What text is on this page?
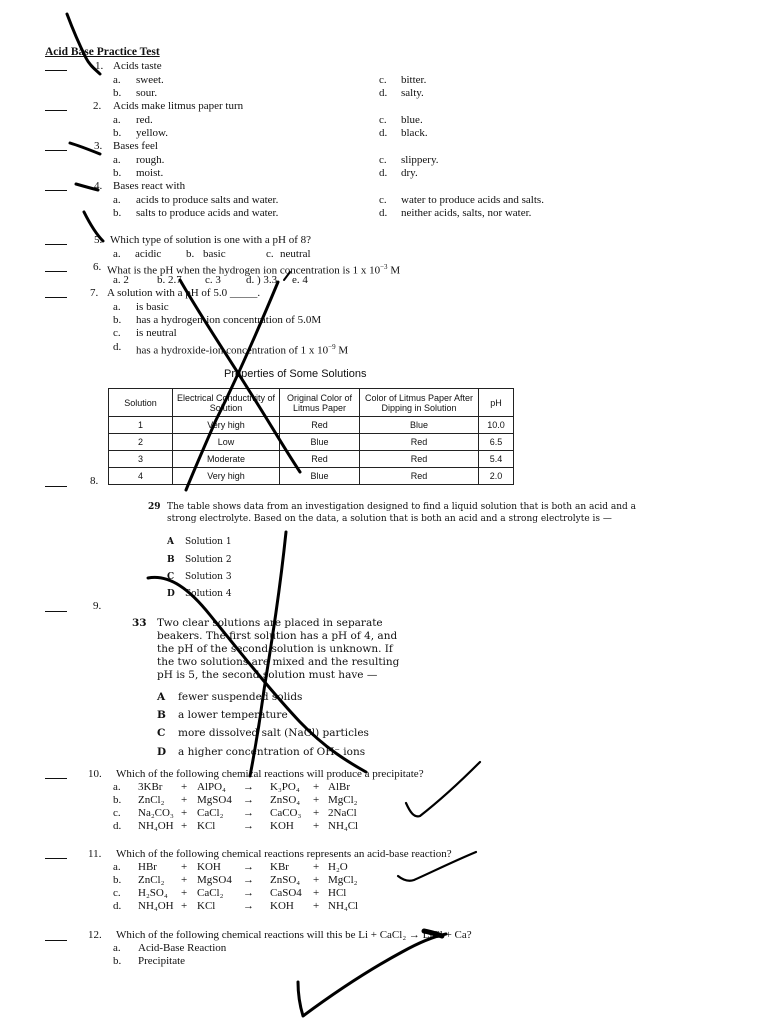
Acid Base Practice Test
1. Acids taste
a. sweet.
b. sour.
c. bitter.
d. salty.
2. Acids make litmus paper turn
a. red.
b. yellow.
c. blue.
d. black.
3. Bases feel
a. rough.
b. moist.
c. slippery.
d. dry.
4. Bases react with
a. acids to produce salts and water.
b. salts to produce acids and water.
c. water to produce acids and salts.
d. neither acids, salts, nor water.
5. Which type of solution is one with a pH of 8?
a. acidic b. basic	c. neutral
6. What is the pH when the hydrogen ion concentration is 1 x $10^{-3}$ M
a. 2	b. 2.7 c. 3 d. ) 3.3 e. 4
7. A solution with a pH of 5.0 _____.
a. is basic
b. has a hydrogen-ion concentration of 5.0M
c. is neutral
d. has a hydroxide-ion concentration of 1 x $10^{-9}$ M
Properties of Some Solutions
Solution	Electrical Conductivity of Solution	Original Color of Litmus Paper	Color of Litmus Paper After Dipping in Solution	pH
1	Very high	Red	Blue	10.0
2	Low	Blue	Red	6.5
3	Moderate	Red	Red	5.4
4	Very high	Blue	Red	2.0
8.
29 The table shows data from an investigation designed to find a liquid solution that is both an acid and a
strong electrolyte. Based on the data, a solution that is both an acid and a strong electrolyte is —
A Solution 1
B Solution 2
C Solution 3
D Solution 4
9.
33 Two clear solutions are placed in separate
beakers. The first solution has a pH of 4, and
the pH of the second solution is unknown. If
the two solutions are mixed and the resulting
pH is 5, the second solution must have —
A fewer suspended solids
B a lower temperature
C more dissolved salt (NaCl) particles
D a higher concentration of OH⁻ ions
10. Which of the following chemical reactions will produce a precipitate?
a. 3KBr + AlPO₄ → K₃PO₄ + AlBr
b. ZnCl₂ + MgSO4 → ZnSO₄ + MgCl₂
c. Na₂CO₃ + CaCl₂ → CaCO₃ + 2NaCl
d. NH₄OH + KCl	→ KOH + NH₄Cl
11. Which of the following chemical reactions represents an acid-base reaction?
a. HBr + KOH → KBr + H₂O
b. ZnCl₂ + MgSO4 → ZnSO₄ + MgCl₂
c. H₂SO₄ + CaCl₂ → CaSO4 + HCl
d. NH₄OH + KCl	→ KOH + NH₄Cl
12. Which of the following chemical reactions will this be Li + CaCl₂ → LiCl + Ca?
a. Acid-Base Reaction
b. Precipitate
